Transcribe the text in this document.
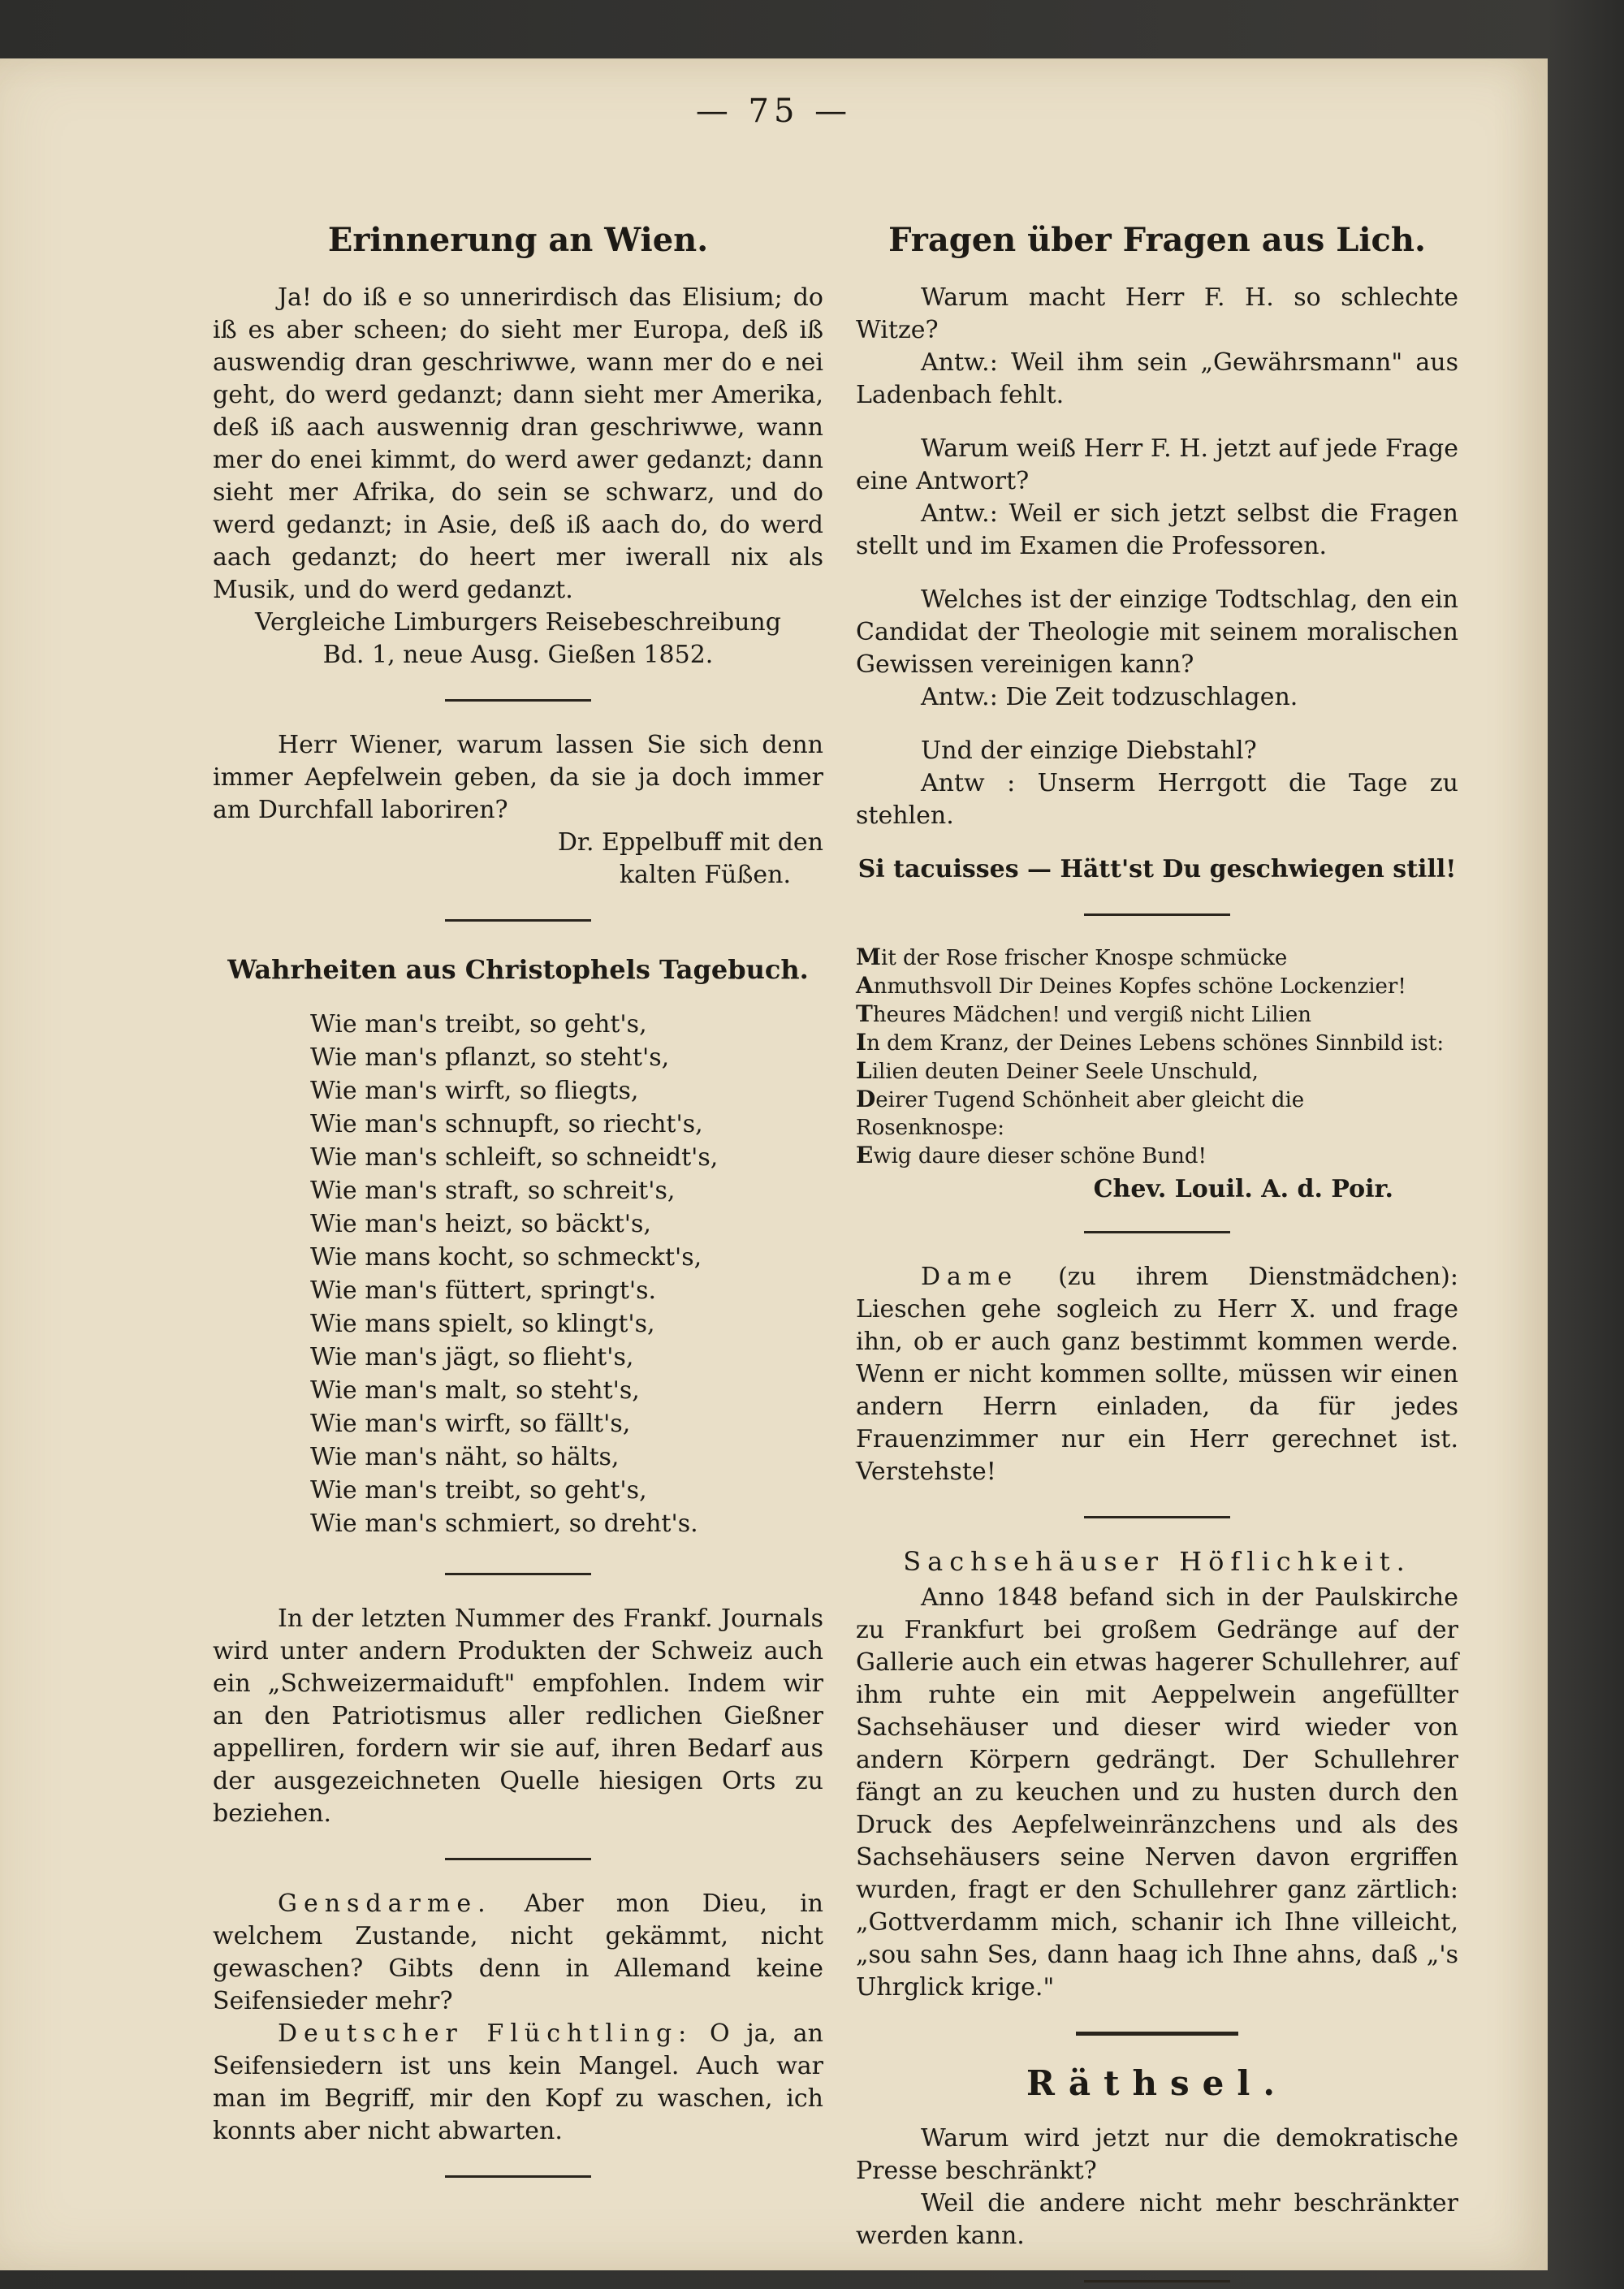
— 75 —
Erinnerung an Wien.

Ja! do iß e so unnerirdisch das Elisium; do iß es aber scheen; do sieht mer Europa, deß iß auswendig dran geschriwwe, wann mer do e nei geht, do werd gedanzt; dann sieht mer Amerika, deß iß aach auswennig dran geschriwwe, wann mer do enei kimmt, do werd awer gedanzt; dann sieht mer Afrika, do sein se schwarz, und do werd gedanzt; in Asie, deß iß aach do, do werd aach gedanzt; do heert mer iwerall nix als Musik, und do werd gedanzt.

Vergleiche Limburgers Reisebeschreibung

Bd. 1, neue Ausg. Gießen 1852.

Herr Wiener, warum lassen Sie sich denn immer Aepfelwein geben, da sie ja doch immer am Durchfall laboriren?

Dr. Eppelbuff mit den

kalten Füßen.

Wahrheiten aus Christophels Tagebuch.
Wie man's treibt, so geht's,
Wie man's pflanzt, so steht's,
Wie man's wirft, so fliegts,
Wie man's schnupft, so riecht's,
Wie man's schleift, so schneidt's,
Wie man's straft, so schreit's,
Wie man's heizt, so bäckt's,
Wie mans kocht, so schmeckt's,
Wie man's füttert, springt's.
Wie mans spielt, so klingt's,
Wie man's jägt, so flieht's,
Wie man's malt, so steht's,
Wie man's wirft, so fällt's,
Wie man's näht, so hälts,
Wie man's treibt, so geht's,
Wie man's schmiert, so dreht's.

In der letzten Nummer des Frankf. Journals wird unter andern Produkten der Schweiz auch ein „Schweizermaiduft" empfohlen. Indem wir an den Patriotismus aller redlichen Gießner appelliren, fordern wir sie auf, ihren Bedarf aus der ausgezeichneten Quelle hiesigen Orts zu beziehen.

Gensdarme. Aber mon Dieu, in welchem Zustande, nicht gekämmt, nicht gewaschen? Gibts denn in Allemand keine Seifensieder mehr?

Deutscher Flüchtling: O ja, an Seifensiedern ist uns kein Mangel. Auch war man im Begriff, mir den Kopf zu waschen, ich konnts aber nicht abwarten.

Fragen über Fragen aus Lich.

Warum macht Herr F. H. so schlechte Witze?

Antw.: Weil ihm sein „Gewährsmann" aus Ladenbach fehlt.

Warum weiß Herr F. H. jetzt auf jede Frage eine Antwort?

Antw.: Weil er sich jetzt selbst die Fragen stellt und im Examen die Professoren.

Welches ist der einzige Todtschlag, den ein Candidat der Theologie mit seinem moralischen Gewissen vereinigen kann?

Antw.: Die Zeit todzuschlagen.

Und der einzige Diebstahl?

Antw : Unserm Herrgott die Tage zu stehlen.

Si tacuisses — Hätt'st Du geschwiegen still!

Mit der Rose frischer Knospe schmücke

Anmuthsvoll Dir Deines Kopfes schöne Lockenzier!

Theures Mädchen! und vergiß nicht Lilien

In dem Kranz, der Deines Lebens schönes Sinnbild ist:

Lilien deuten Deiner Seele Unschuld,

Deirer Tugend Schönheit aber gleicht die Rosenknospe:

Ewig daure dieser schöne Bund!

Chev. Louil. A. d. Poir.

Dame (zu ihrem Dienstmädchen): Lieschen gehe sogleich zu Herr X. und frage ihn, ob er auch ganz bestimmt kommen werde. Wenn er nicht kommen sollte, müssen wir einen andern Herrn einladen, da für jedes Frauenzimmer nur ein Herr gerechnet ist. Verstehste!

Sachsehäuser Höflichkeit.

Anno 1848 befand sich in der Paulskirche zu Frankfurt bei großem Gedränge auf der Gallerie auch ein etwas hagerer Schullehrer, auf ihm ruhte ein mit Aeppelwein angefüllter Sachsehäuser und dieser wird wieder von andern Körpern gedrängt. Der Schullehrer fängt an zu keuchen und zu husten durch den Druck des Aepfelweinränzchens und als des Sachsehäusers seine Nerven davon ergriffen wurden, fragt er den Schullehrer ganz zärtlich: „Gottverdamm mich, schanir ich Ihne villeicht, „sou sahn Ses, dann haag ich Ihne ahns, daß „'s Uhrglick krige."

Räthsel.

Warum wird jetzt nur die demokratische Presse beschränkt?

Weil die andere nicht mehr beschränkter werden kann.
